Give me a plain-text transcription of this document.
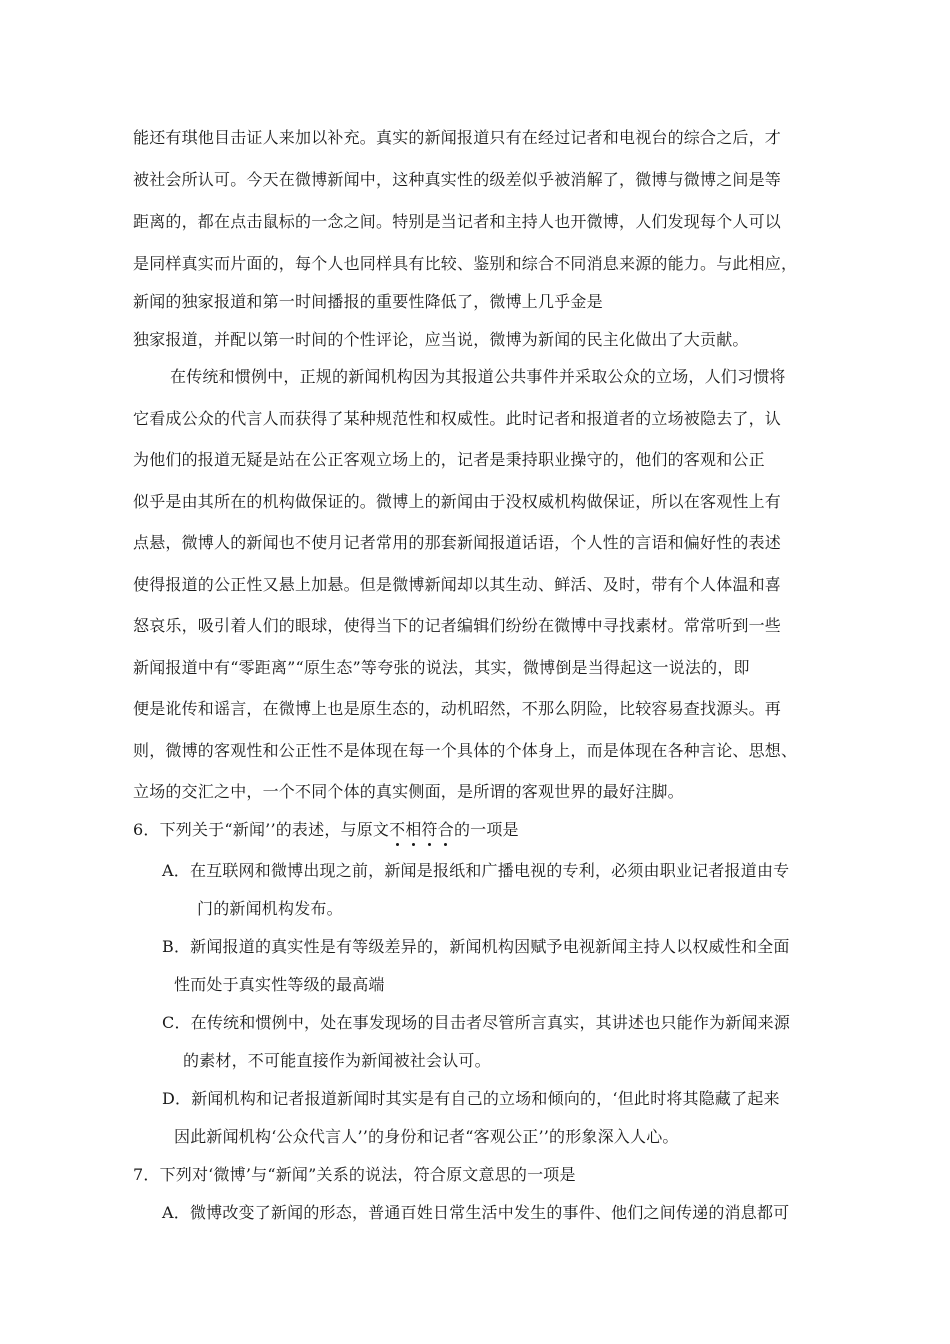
能还有琪他目击证人来加以补充。真实的新闻报道只有在经过记者和电视台的综合之后，才
被社会所认可。今天在微博新闻中，这种真实性的级差似乎被消解了，微博与微博之间是等
距离的，都在点击鼠标的一念之间。特别是当记者和主持人也开微博，人们发现每个人可以
是同样真实而片面的，每个人也同样具有比较、鉴别和综合不同消息来源的能力。与此相应，
新闻的独家报道和第一时间播报的重要性降低了，微博上几乎金是
独家报道，并配以第一时间的个性评论，应当说，微博为新闻的民主化做出了大贡献。
在传统和惯例中，正规的新闻机构因为其报道公共事件并采取公众的立场，人们习惯将
它看成公众的代言人而获得了某种规范性和权威性。此时记者和报道者的立场被隐去了，认
为他们的报道无疑是站在公正客观立场上的，记者是秉持职业操守的，他们的客观和公正
似乎是由其所在的机构做保证的。微博上的新闻由于没权威机构做保证，所以在客观性上有
点悬，微博人的新闻也不使月记者常用的那套新闻报道话语，个人性的言语和偏好性的表述
使得报道的公正性又悬上加悬。但是微博新闻却以其生动、鲜活、及时，带有个人体温和喜
怒哀乐，吸引着人们的眼球，使得当下的记者编辑们纷纷在微博中寻找素材。常常听到一些
新闻报道中有“零距离”“原生态”等夸张的说法，其实，微博倒是当得起这一说法的，即
便是讹传和谣言，在微博上也是原生态的，动机昭然，不那么阴险，比较容易查找源头。再
则，微博的客观性和公正性不是体现在每一个具体的个体身上，而是体现在各种言论、思想、
立场的交汇之中，一个不同个体的真实侧面，是所谓的客观世界的最好注脚。
6．下列关于“新闻’’的表述，与原文不相符合的一项是
A．在互联网和微博出现之前，新闻是报纸和广播电视的专利，必须由职业记者报道由专
门的新闻机构发布。
B．新闻报道的真实性是有等级差异的，新闻机构因赋予电视新闻主持人以权威性和全面
性而处于真实性等级的最高端
C．在传统和惯例中，处在事发现场的目击者尽管所言真实，其讲述也只能作为新闻来源
的素材，不可能直接作为新闻被社会认可。
D．新闻机构和记者报道新闻时其实是有自己的立场和倾向的，‘但此时将其隐藏了起来
因此新闻机构‘公众代言人’’的身份和记者“客观公正’’的形象深入人心。
7．下列对‘微博’与“新闻”关系的说法，符合原文意思的一项是
A．微博改变了新闻的形态，普通百姓日常生活中发生的事件、他们之间传递的消息都可
